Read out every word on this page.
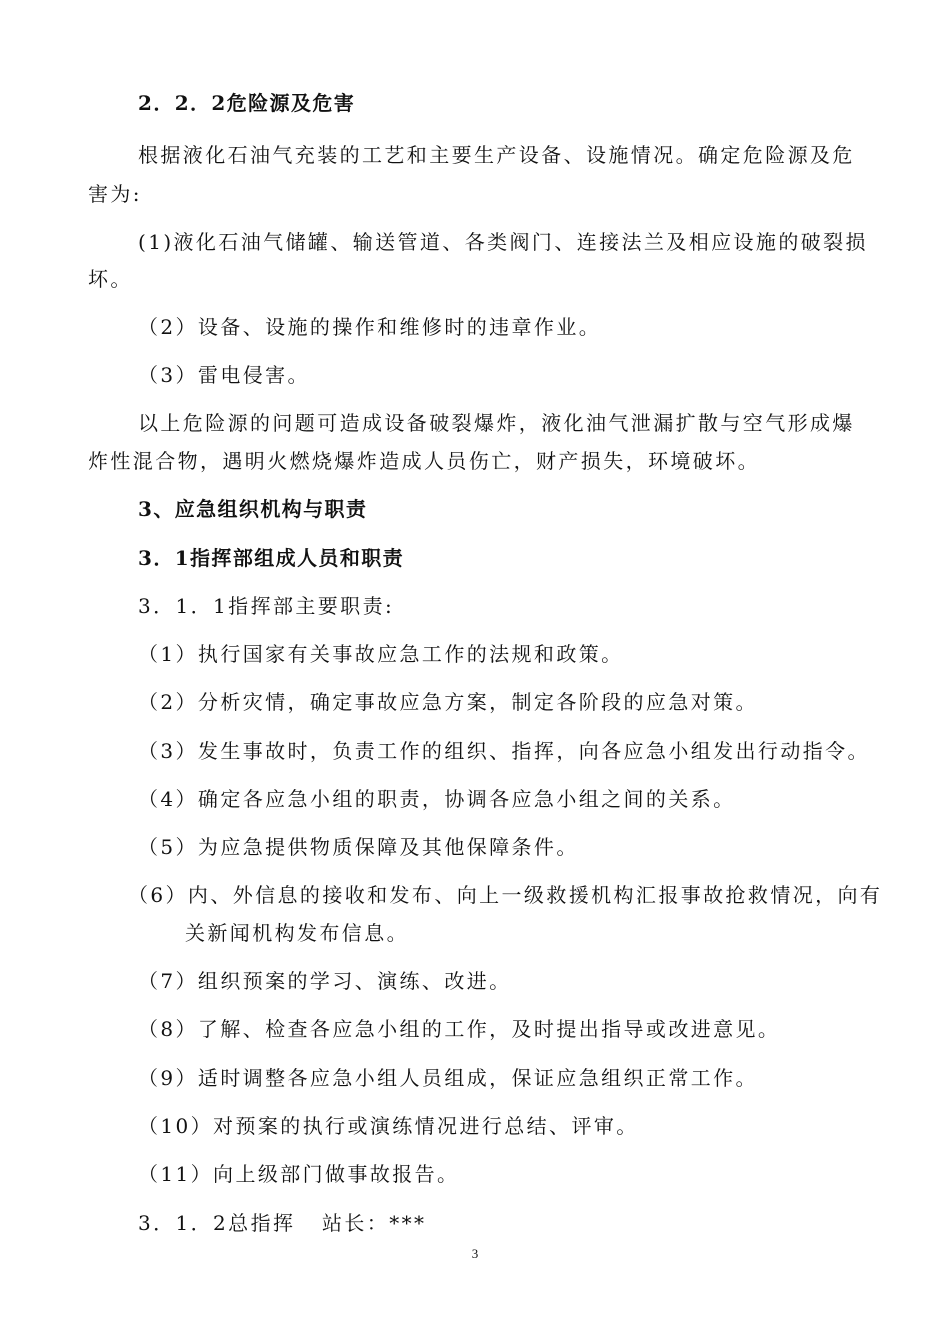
2．2．2危险源及危害
根据液化石油气充装的工艺和主要生产设备、设施情况。确定危险源及危
害为:
(1)液化石油气储罐、输送管道、各类阀门、连接法兰及相应设施的破裂损
坏。
（2）设备、设施的操作和维修时的违章作业。
（3）雷电侵害。
以上危险源的问题可造成设备破裂爆炸，液化油气泄漏扩散与空气形成爆
炸性混合物，遇明火燃烧爆炸造成人员伤亡，财产损失，环境破坏。
3、应急组织机构与职责
3．1指挥部组成人员和职责
3．1．1指挥部主要职责:
（1）执行国家有关事故应急工作的法规和政策。
（2）分析灾情，确定事故应急方案，制定各阶段的应急对策。
（3）发生事故时，负责工作的组织、指挥，向各应急小组发出行动指令。
（4）确定各应急小组的职责，协调各应急小组之间的关系。
（5）为应急提供物质保障及其他保障条件。
（6）内、外信息的接收和发布、向上一级救援机构汇报事故抢救情况，向有
关新闻机构发布信息。
（7）组织预案的学习、演练、改进。
（8）了解、检查各应急小组的工作，及时提出指导或改进意见。
（9）适时调整各应急小组人员组成，保证应急组织正常工作。
（10）对预案的执行或演练情况进行总结、评审。
（11）向上级部门做事故报告。
3．1．2总指挥 站长：***
3
